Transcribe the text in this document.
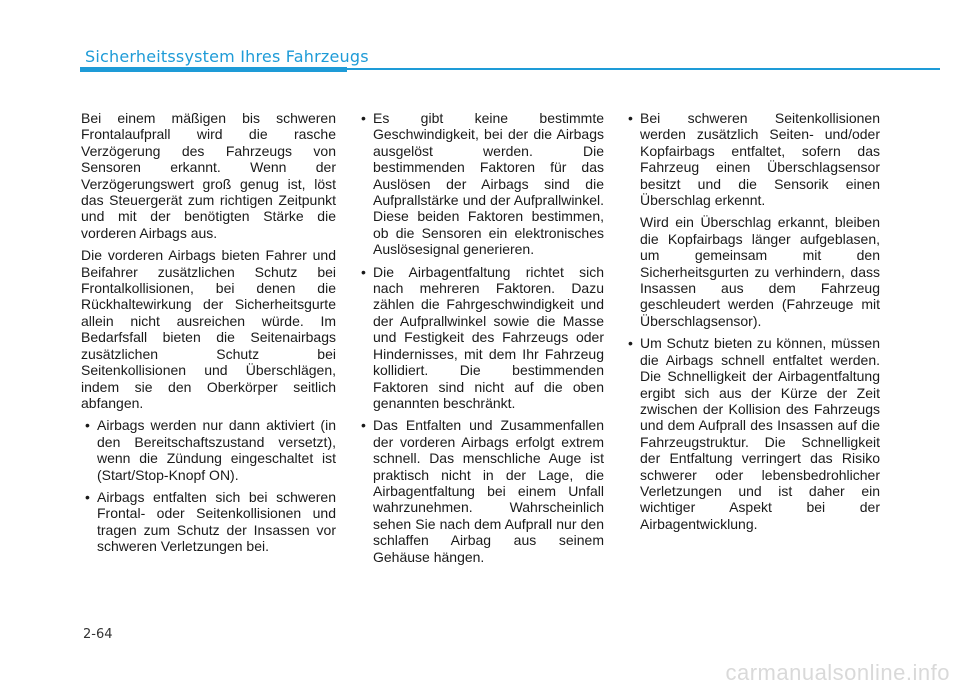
Sicherheitssystem Ihres Fahrzeugs

Bei einem mäßigen bis schweren Frontalaufprall wird die rasche Verzögerung des Fahrzeugs von Sensoren erkannt. Wenn der Verzögerungswert groß genug ist, löst das Steuergerät zum richtigen Zeitpunkt und mit der benötigten Stärke die vorderen Airbags aus.

Die vorderen Airbags bieten Fahrer und Beifahrer zusätzlichen Schutz bei Frontalkollisionen, bei denen die Rückhaltewirkung der Sicherheitsgurte allein nicht ausreichen würde. Im Bedarfsfall bieten die Seitenairbags zusätzlichen Schutz bei Seitenkollisionen und Überschlägen, indem sie den Oberkörper seitlich abfangen.

• Airbags werden nur dann aktiviert (in den Bereitschaftszustand versetzt), wenn die Zündung eingeschaltet ist (Start/Stop-Knopf ON).
• Airbags entfalten sich bei schweren Frontal- oder Seitenkollisionen und tragen zum Schutz der Insassen vor schweren Verletzungen bei.
• Es gibt keine bestimmte Geschwindigkeit, bei der die Airbags ausgelöst werden. Die bestimmenden Faktoren für das Auslösen der Airbags sind die Aufprallstärke und der Aufprallwinkel. Diese beiden Faktoren bestimmen, ob die Sensoren ein elektronisches Auslösesignal generieren.
• Die Airbagentfaltung richtet sich nach mehreren Faktoren. Dazu zählen die Fahrgeschwindigkeit und der Aufprallwinkel sowie die Masse und Festigkeit des Fahrzeugs oder Hindernisses, mit dem Ihr Fahrzeug kollidiert. Die bestimmenden Faktoren sind nicht auf die oben genannten beschränkt.
• Das Entfalten und Zusammenfallen der vorderen Airbags erfolgt extrem schnell. Das menschliche Auge ist praktisch nicht in der Lage, die Airbagentfaltung bei einem Unfall wahrzunehmen. Wahrscheinlich sehen Sie nach dem Aufprall nur den schlaffen Airbag aus seinem Gehäuse hängen.
• Bei schweren Seitenkollisionen werden zusätzlich Seiten- und/oder Kopfairbags entfaltet, sofern das Fahrzeug einen Überschlagsensor besitzt und die Sensorik einen Überschlag erkennt.
Wird ein Überschlag erkannt, bleiben die Kopfairbags länger aufgeblasen, um gemeinsam mit den Sicherheitsgurten zu verhindern, dass Insassen aus dem Fahrzeug geschleudert werden (Fahrzeuge mit Überschlagsensor).
• Um Schutz bieten zu können, müssen die Airbags schnell entfaltet werden. Die Schnelligkeit der Airbagentfaltung ergibt sich aus der Kürze der Zeit zwischen der Kollision des Fahrzeugs und dem Aufprall des Insassen auf die Fahrzeugstruktur. Die Schnelligkeit der Entfaltung verringert das Risiko schwerer oder lebensbedrohlicher Verletzungen und ist daher ein wichtiger Aspekt bei der Airbagentwicklung.
2-64
carmanualsonline.info
